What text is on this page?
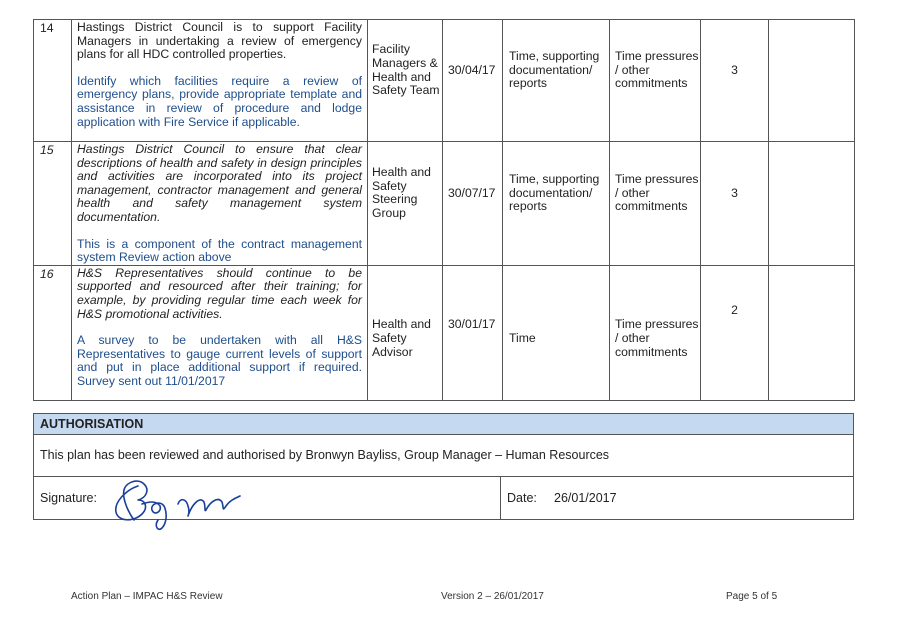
14	Hastings District Council is to support Facility Managers in undertaking a review of emergency plans for all HDC controlled properties.
Identify which facilities require a review of emergency plans, provide appropriate template and assistance in review of procedure and lodge application with Fire Service if applicable.	Facility Managers & Health and Safety Team	30/04/17	Time, supporting documentation/ reports	Time pressures / other commitments	3	

15	Hastings District Council to ensure that clear descriptions of health and safety in design principles and activities are incorporated into its project management, contractor management and general health and safety management system documentation.
This is a component of the contract management system Review action above	Health and Safety Steering Group	30/07/17	Time, supporting documentation/ reports	Time pressures / other commitments	3	

16	H&S Representatives should continue to be supported and resourced after their training; for example, by providing regular time each week for H&S promotional activities.
A survey to be undertaken with all H&S Representatives to gauge current levels of support and put in place additional support if required. Survey sent out 11/01/2017	Health and Safety Advisor	30/01/17	Time	Time pressures / other commitments	2	

AUTHORISATION
This plan has been reviewed and authorised by Bronwyn Bayliss, Group Manager – Human Resources
Signature:	Date: 26/01/2017
Action Plan – IMPAC H&S Review	Version 2 – 26/01/2017	Page 5 of 5
